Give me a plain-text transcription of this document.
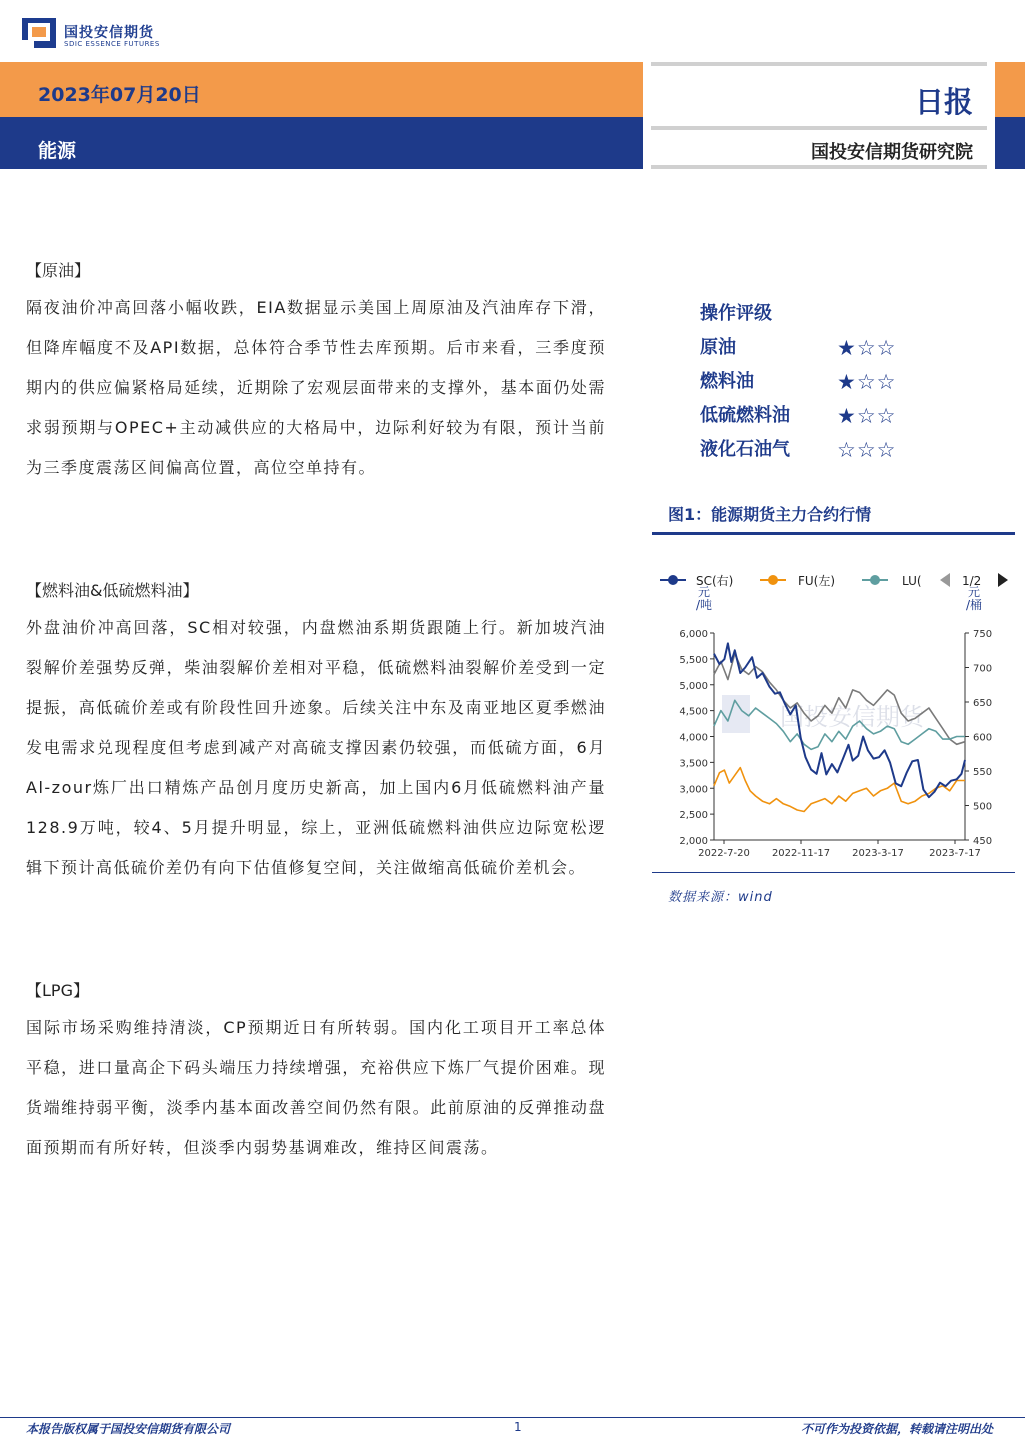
国投安信期货
SDIC ESSENCE FUTURES
2023年07月20日
能源
日报
国投安信期货研究院
【原油】
隔夜油价冲高回落小幅收跌，EIA数据显示美国上周原油及汽油库存下滑，但降库幅度不及API数据，总体符合季节性去库预期。后市来看，三季度预期内的供应偏紧格局延续，近期除了宏观层面带来的支撑外，基本面仍处需求弱预期与OPEC+主动减供应的大格局中，边际利好较为有限，预计当前为三季度震荡区间偏高位置，高位空单持有。
【燃料油&低硫燃料油】
外盘油价冲高回落，SC相对较强，内盘燃油系期货跟随上行。新加坡汽油裂解价差强势反弹，柴油裂解价差相对平稳，低硫燃料油裂解价差受到一定提振，高低硫价差或有阶段性回升迹象。后续关注中东及南亚地区夏季燃油发电需求兑现程度但考虑到减产对高硫支撑因素仍较强，而低硫方面，6月Al-zour炼厂出口精炼产品创月度历史新高，加上国内6月低硫燃料油产量128.9万吨，较4、5月提升明显，综上，亚洲低硫燃料油供应边际宽松逻辑下预计高低硫价差仍有向下估值修复空间，关注做缩高低硫价差机会。
【LPG】
国际市场采购维持清淡，CP预期近日有所转弱。国内化工项目开工率总体平稳，进口量高企下码头端压力持续增强，充裕供应下炼厂气提价困难。现货端维持弱平衡，淡季内基本面改善空间仍然有限。此前原油的反弹推动盘面预期而有所好转，但淡季内弱势基调难改，维持区间震荡。
操作评级
原油	★☆☆
燃料油	★☆☆
低硫燃料油 ★☆☆
液化石油气 ☆☆☆
图1：能源期货主力合约行情
国投安信期货
SC(右)	FU(左)	LU(	1/2
元
/吨
元
/桶
2,000
2,500
3,000
3,500
4,000
4,500
5,000
5,500
6,000
450
500
550
600
650
700
750
2022-7-20 2022-11-17 2023-3-17	2023-7-17
数据来源：wind
本报告版权属于国投安信期货有限公司	1	不可作为投资依据，转载请注明出处
